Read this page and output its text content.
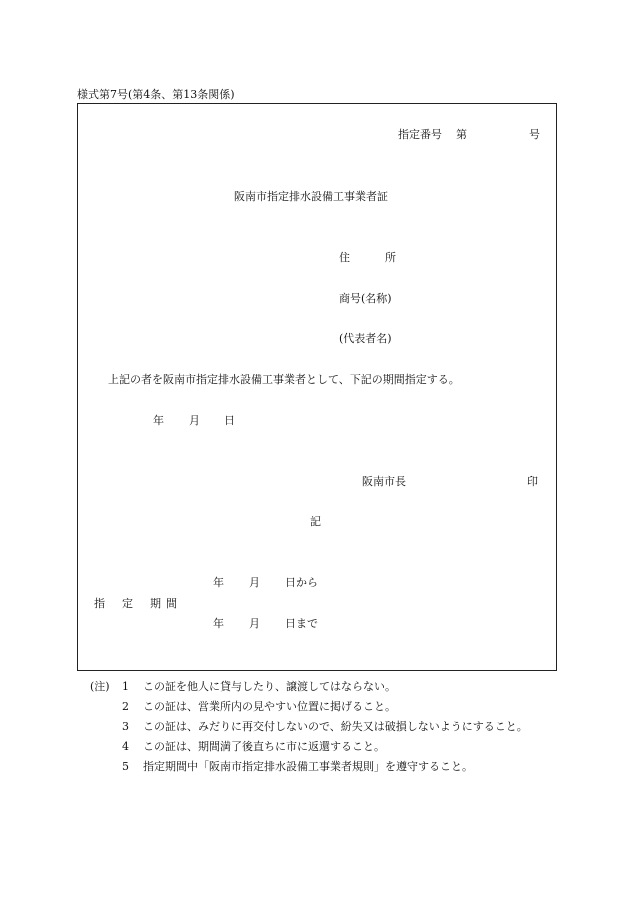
様式第7号(第4条、第13条関係)
指定番号 第	号
阪南市指定排水設備工事業者証
住	所
商号(名称)
(代表者名)
上記の者を阪南市指定排水設備工事業者として、下記の期間指定する。
年 月 日
阪南市長	印
記
年 月 日から
指 定 期 間
年 月 日まで
(注) 1 この証を他人に貸与したり、譲渡してはならない。
2 この証は、営業所内の見やすい位置に掲げること。
3 この証は、みだりに再交付しないので、紛失又は破損しないようにすること。
4 この証は、期間満了後直ちに市に返還すること。
5 指定期間中「阪南市指定排水設備工事業者規則」を遵守すること。
